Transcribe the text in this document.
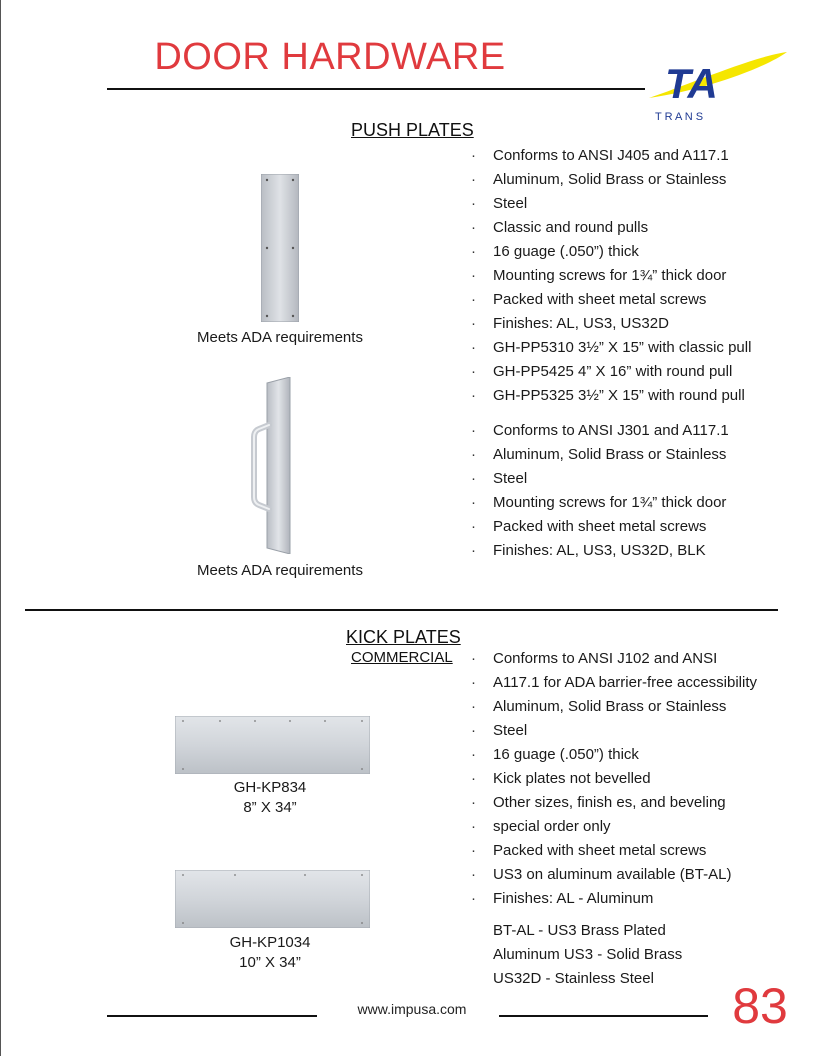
DOOR HARDWARE
TA
T R A N S
PUSH PLATES
Meets ADA requirements
· Conforms to ANSI J405 and A117.1
· Aluminum, Solid Brass or Stainless
· Steel
· Classic and round pulls
· 16 guage (.050”) thick
· Mounting screws for 1¾” thick door
· Packed with sheet metal screws
· Finishes: AL, US3, US32D
· GH-PP5310 3½” X 15” with classic pull
· GH-PP5425 4” X 16” with round pull
· GH-PP5325 3½” X 15” with round pull
Meets ADA requirements
· Conforms to ANSI J301 and A117.1
· Aluminum, Solid Brass or Stainless
· Steel
· Mounting screws for 1¾” thick door
· Packed with sheet metal screws
· Finishes: AL, US3, US32D, BLK
KICK PLATES
COMMERCIAL
·	Conforms to ANSI J102 and ANSI
· A117.1 for ADA barrier-free accessibility
· Aluminum, Solid Brass or Stainless
· Steel
· 16 guage (.050”) thick
· Kick plates not bevelled
· Other sizes, finish es, and beveling
· special order only
· Packed with sheet metal screws
· US3 on aluminum available (BT-AL)
· Finishes: AL - Aluminum
BT-AL - US3 Brass Plated
Aluminum US3 - Solid Brass
US32D - Stainless Steel
GH-KP834
8” X 34”
GH-KP1034
10” X 34”
www.impusa.com	83
